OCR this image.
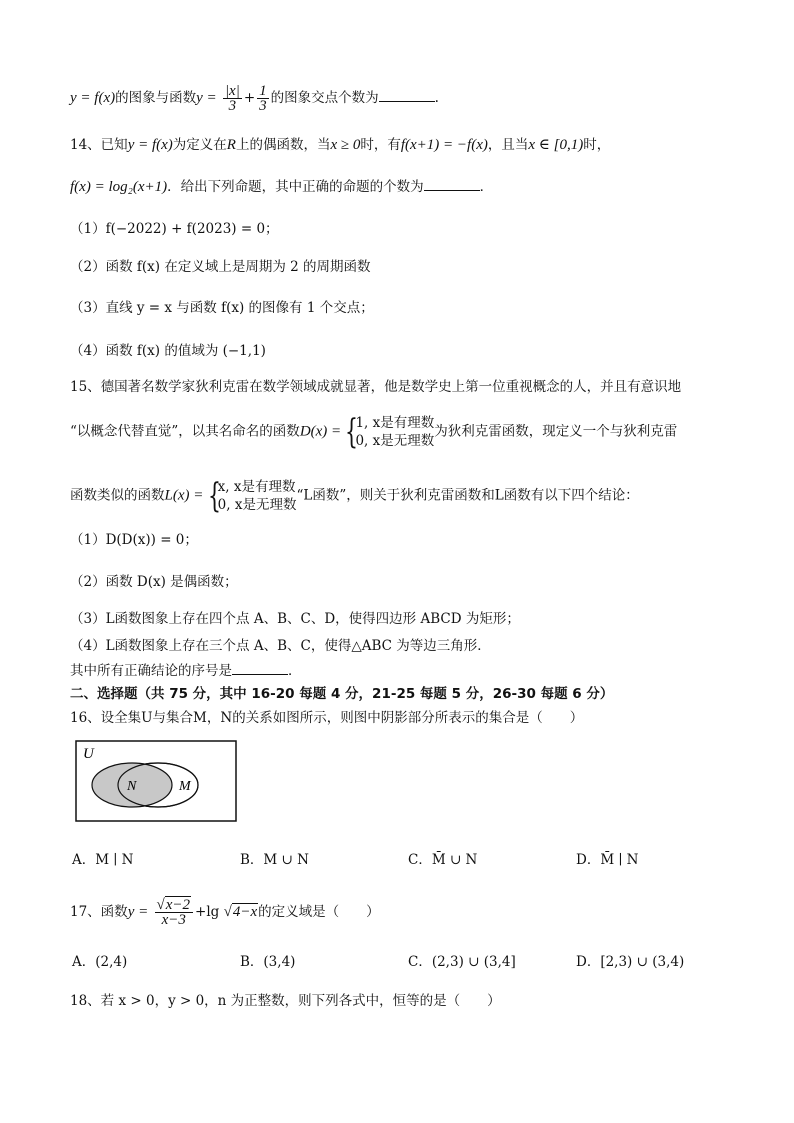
y = f(x)的图象与函数$y = \frac{|x|}{3} + \frac{1}{3}$ 的图象交点个数为	.
14、已知y = f(x)为定义在R上的偶函数，当x ≥ 0时，有f(x+1) = −f(x)，且当x ∈ [0,1)时，
f(x) = log₂(x+1)．给出下列命题，其中正确的命题的个数为	．
（1）f(−2022) + f(2023) = 0；
（2）函数 f(x) 在定义域上是周期为 2 的周期函数
（3）直线 y = x 与函数 f(x) 的图像有 1 个交点；
（4）函数 f(x) 的值域为 (−1,1)
15、德国著名数学家狄利克雷在数学领域成就显著，他是数学史上第一位重视概念的人，并且有意识地
“以概念代替直觉”，以其名命名的函数D(x) = {
1, x是有理数
0, x是无理数
为狄利克雷函数，现定义一个与狄利克雷
函数类似的函数L(x) = {
x, x是有理数
0, x是无理数
“L函数”，则关于狄利克雷函数和L函数有以下四个结论：
（1）D(D(x)) = 0；
（2）函数 D(x) 是偶函数；
（3）L函数图象上存在四个点 A、B、C、D，使得四边形 ABCD 为矩形；
（4）L函数图象上存在三个点 A、B、C，使得△ABC 为等边三角形．
其中所有正确结论的序号是	．
二、选择题（共 75 分，其中 16-20 每题 4 分，21-25 每题 5 分，26-30 每题 6 分）
16、设全集U与集合M，N的关系如图所示，则图中阴影部分所表示的集合是（　　）
U
N	M
A．M ∣ N	B．M ∪ N	C．M̄ ∪ N	D．M̄ ∣ N
17、函数$y = \frac{√x-2}{x-3} +\lg$ √4−x的定义域是（　　）
A．(2,4)	B．(3,4)	C．(2,3) ∪ (3,4]	D．[2,3) ∪ (3,4)
18、若 x > 0，y > 0，n 为正整数，则下列各式中，恒等的是（　　）
